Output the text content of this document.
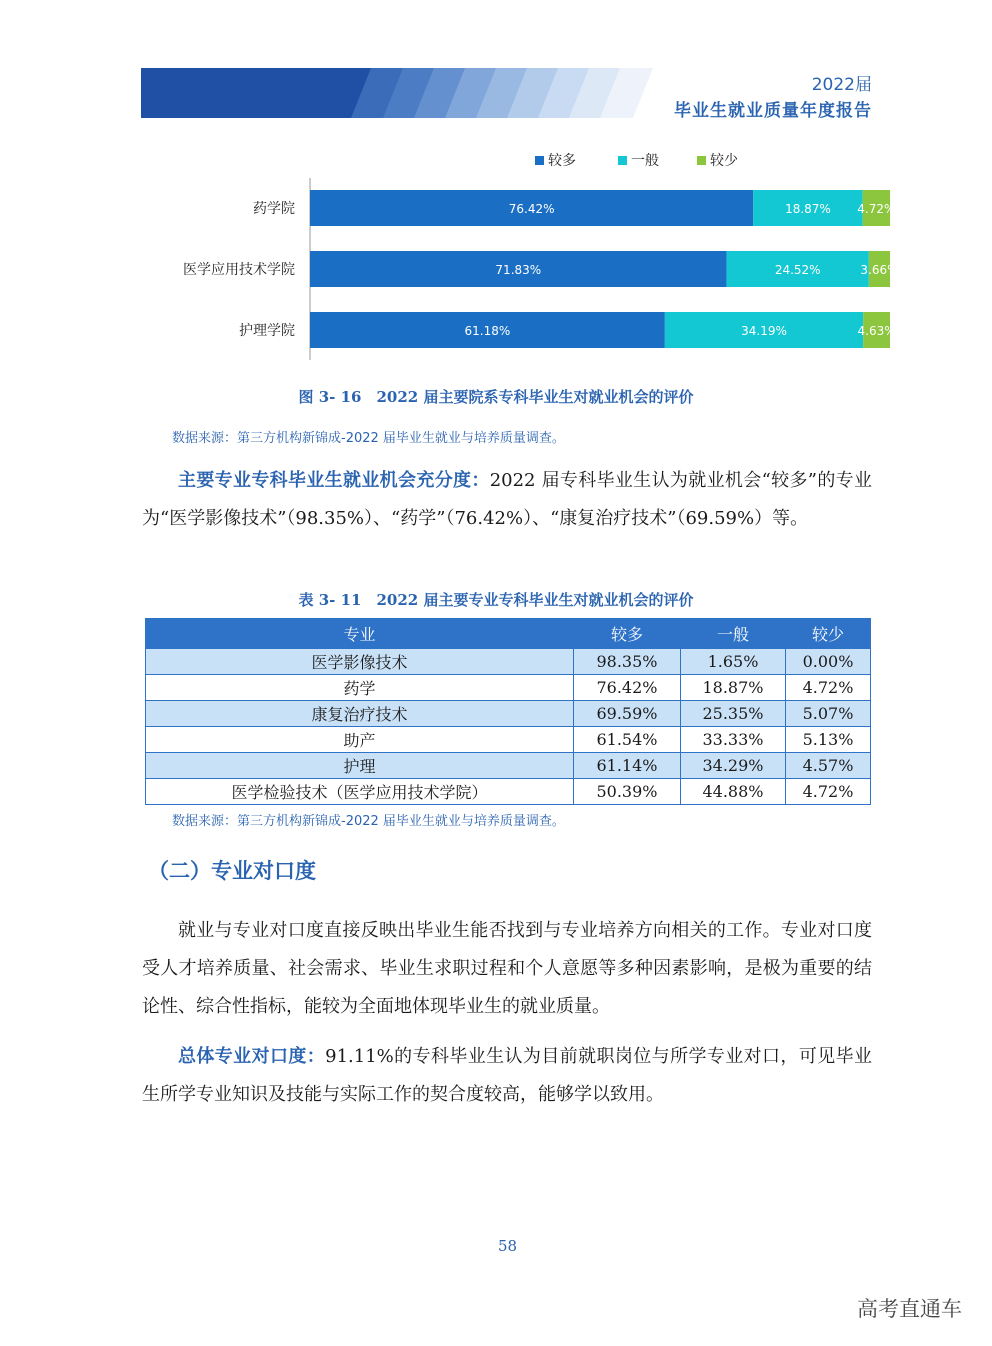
2022届
毕业生就业质量年度报告
较多	一般	较少
药学院	76.42%	18.87% 4.72%
医学应用技术学院	71.83%	24.52%	3.66%
护理学院	61.18%	34.19%	4.63%
图 3- 16　2022 届主要院系专科毕业生对就业机会的评价
数据来源：第三方机构新锦成-2022 届毕业生就业与培养质量调查。
主要专业专科毕业生就业机会充分度：2022 届专科毕业生认为就业机会“较多”的专业为“医学影像技术”（98.35%）、“药学”（76.42%）、“康复治疗技术”（69.59%）等。
表 3- 11　2022 届主要专业专科毕业生对就业机会的评价
专业	较多	一般	较少
医学影像技术	98.35%	1.65%	0.00%
药学	76.42%	18.87%	4.72%
康复治疗技术	69.59%	25.35%	5.07%
助产	61.54%	33.33%	5.13%
护理	61.14%	34.29%	4.57%
医学检验技术（医学应用技术学院）	50.39%	44.88%	4.72%
数据来源：第三方机构新锦成-2022 届毕业生就业与培养质量调查。
（二）专业对口度
就业与专业对口度直接反映出毕业生能否找到与专业培养方向相关的工作。专业对口度受人才培养质量、社会需求、毕业生求职过程和个人意愿等多种因素影响，是极为重要的结论性、综合性指标，能较为全面地体现毕业生的就业质量。
总体专业对口度：91.11%的专科毕业生认为目前就职岗位与所学专业对口，可见毕业生所学专业知识及技能与实际工作的契合度较高，能够学以致用。
58
高考直通车
